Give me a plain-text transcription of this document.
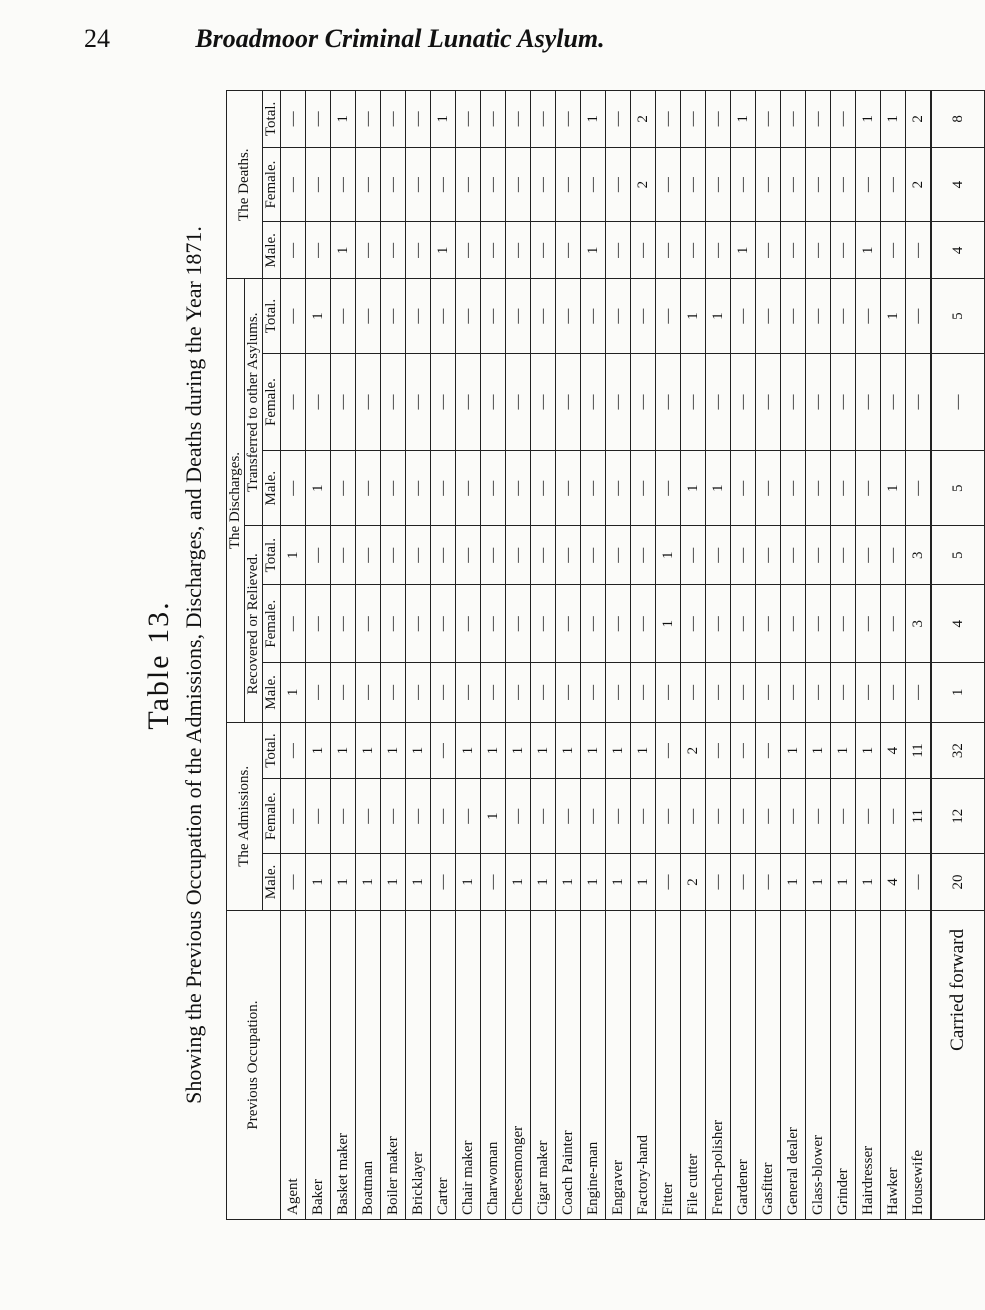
24	Broadmoor Criminal Lunatic Asylum.
Table 13. Showing the Previous Occupation of the Admissions, Discharges, and Deaths during the Year 1871.	Previous Occupation.	The Admissions.			The Discharges.						The Deaths.		
				Recovered or Relieved.			Transferred to other Asylums.					
	Male.	Female.	Total.	Male.	Female.	Total.	Male.	Female.	Total.	Male.	Female.	Total.
Agent	—	—	—	1	—	1	—	—	—	—	—	—
Baker	1	—	1	—	—	—	1	—	1	—	—	—
Basket maker	1	—	1	—	—	—	—	—	—	1	—	1
Boatman	1	—	1	—	—	—	—	—	—	—	—	—
Boiler maker	1	—	1	—	—	—	—	—	—	—	—	—
Bricklayer	1	—	1	—	—	—	—	—	—	—	—	—
Carter	—	—	—	—	—	—	—	—	—	1	—	1
Chair maker	1	—	1	—	—	—	—	—	—	—	—	—
Charwoman	—	1	1	—	—	—	—	—	—	—	—	—
Cheesemonger	1	—	1	—	—	—	—	—	—	—	—	—
Cigar maker	1	—	1	—	—	—	—	—	—	—	—	—
Coach Painter	1	—	1	—	—	—	—	—	—	—	—	—
Engine-man	1	—	1	—	—	—	—	—	—	1	—	1
Engraver	1	—	1	—	—	—	—	—	—	—	—	—
Factory-hand	1	—	1	—	—	—	—	—	—	—	2	2
Fitter	—	—	—	—	1	1	—	—	—	—	—	—
File cutter	2	—	2	—	—	—	1	—	1	—	—	—
French-polisher	—	—	—	—	—	—	1	—	1	—	—	—
Gardener	—	—	—	—	—	—	—	—	—	1	—	1
Gasfitter	—	—	—	—	—	—	—	—	—	—	—	—
General dealer	1	—	1	—	—	—	—	—	—	—	—	—
Glass-blower	1	—	1	—	—	—	—	—	—	—	—	—
Grinder	1	—	1	—	—	—	—	—	—	—	—	—
Hairdresser	1	—	1	—	—	—	—	—	—	1	—	1
Hawker	4	—	4	—	—	—	1	—	1	—	—	1
Housewife	—	11	11	—	3	3	—	—	—	—	2	2
Carried forward	20	12	32	1	4	5	5	—	5	4	4	8
